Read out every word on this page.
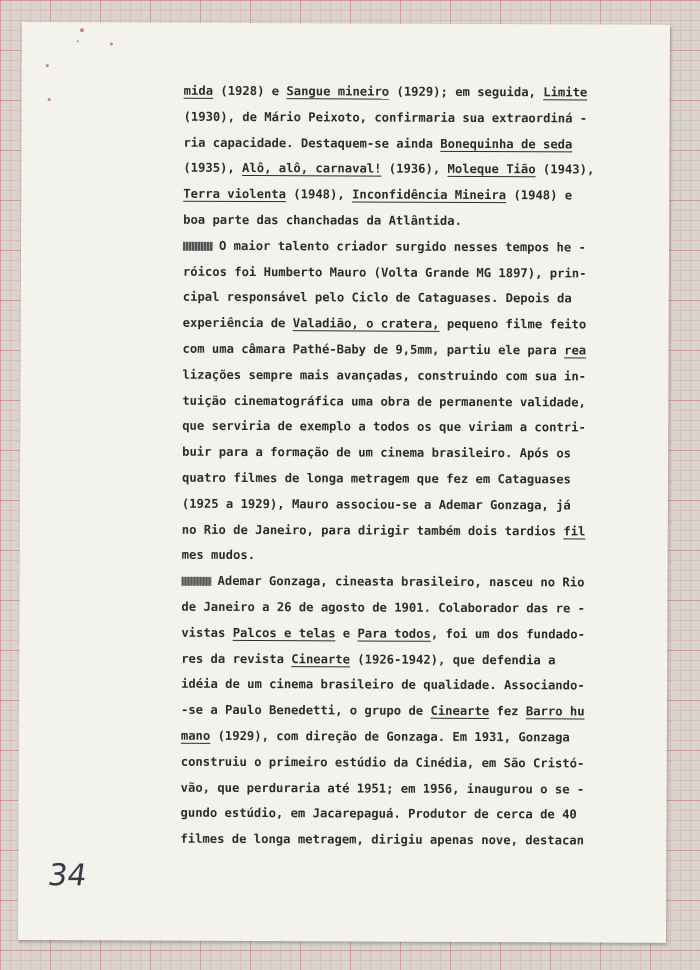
mida (1928) e Sangue mineiro (1929); em seguida, Limite
(1930), de Mário Peixoto, confirmaria sua extraordiná -
ria capacidade. Destaquem-se ainda Bonequinha de seda
(1935), Alô, alô, carnaval! (1936), Moleque Tião (1943),
Terra violenta (1948), Inconfidência Mineira (1948) e
boa parte das chanchadas da Atlântida.
O maior talento criador surgido nesses tempos he -
róicos foi Humberto Mauro (Volta Grande MG 1897), prin-
cipal responsável pelo Ciclo de Cataguases. Depois da
experiência de Valadião, o cratera, pequeno filme feito
com uma câmara Pathé-Baby de 9,5mm, partiu ele para rea
lizações sempre mais avançadas, construindo com sua in-
tuição cinematográfica uma obra de permanente validade,
que serviria de exemplo a todos os que viriam a contri-
buir para a formação de um cinema brasileiro. Após os
quatro filmes de longa metragem que fez em Cataguases
(1925 a 1929), Mauro associou-se a Ademar Gonzaga, já
no Rio de Janeiro, para dirigir também dois tardios fil
mes mudos.
Ademar Gonzaga, cineasta brasileiro, nasceu no Rio
de Janeiro a 26 de agosto de 1901. Colaborador das re -
vistas Palcos e telas e Para todos, foi um dos fundado-
res da revista Cinearte (1926-1942), que defendia a
idéia de um cinema brasileiro de qualidade. Associando-
-se a Paulo Benedetti, o grupo de Cinearte fez Barro hu
mano (1929), com direção de Gonzaga. Em 1931, Gonzaga
construiu o primeiro estúdio da Cinédia, em São Cristó-
vão, que perduraria até 1951; em 1956, inaugurou o se -
gundo estúdio, em Jacarepaguá. Produtor de cerca de 40
filmes de longa metragem, dirigiu apenas nove, destacan
34
